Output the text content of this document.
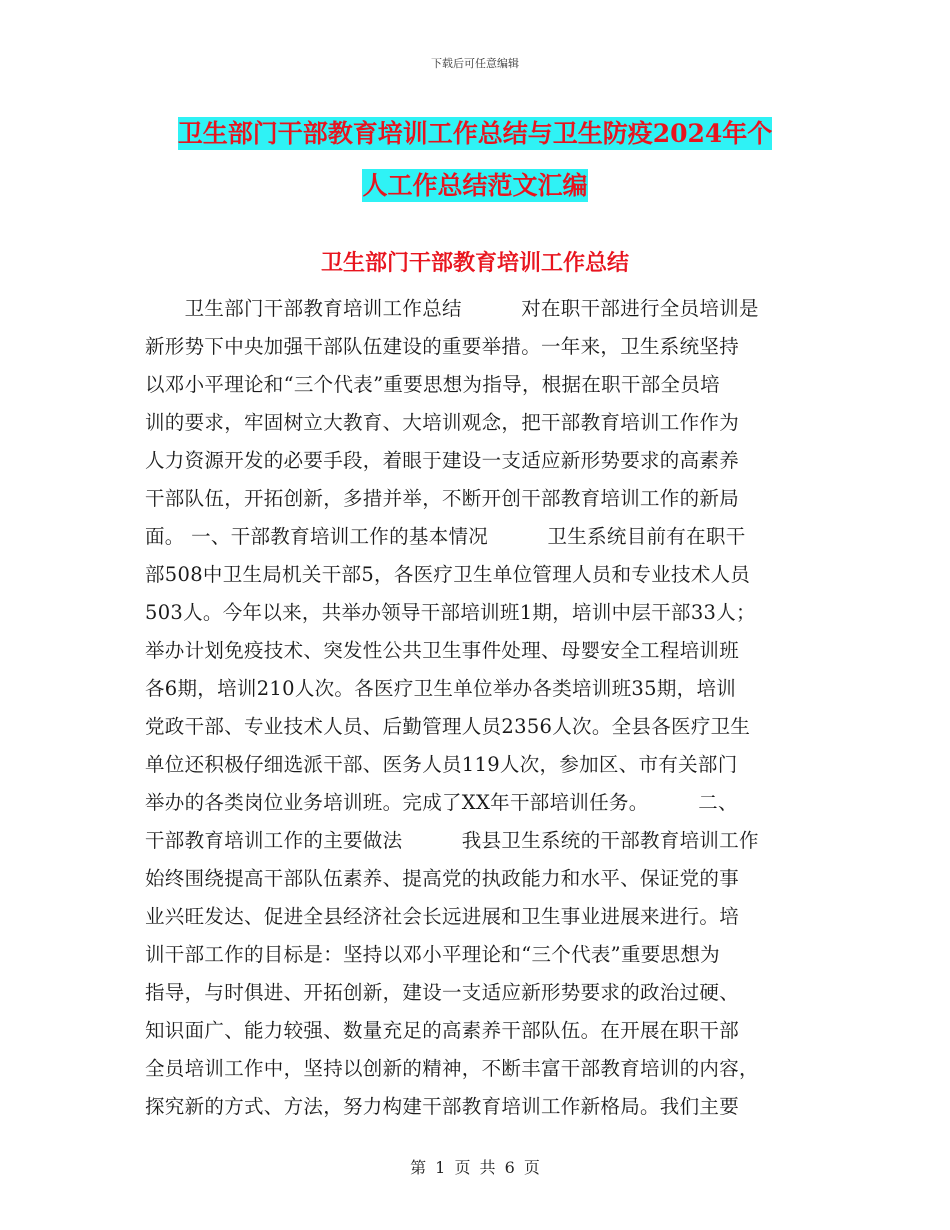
下载后可任意编辑
卫生部门干部教育培训工作总结与卫生防疫2024年个
人工作总结范文汇编
卫生部门干部教育培训工作总结
　　卫生部门干部教育培训工作总结　　　对在职干部进行全员培训是
新形势下中央加强干部队伍建设的重要举措。一年来，卫生系统坚持
以邓小平理论和“三个代表”重要思想为指导，根据在职干部全员培
训的要求，牢固树立大教育、大培训观念，把干部教育培训工作作为
人力资源开发的必要手段，着眼于建设一支适应新形势要求的高素养
干部队伍，开拓创新，多措并举，不断开创干部教育培训工作的新局
面。 一、干部教育培训工作的基本情况　　　卫生系统目前有在职干
部508中卫生局机关干部5，各医疗卫生单位管理人员和专业技术人员
503人。今年以来，共举办领导干部培训班1期，培训中层干部33人；
举办计划免疫技术、突发性公共卫生事件处理、母婴安全工程培训班
各6期，培训210人次。各医疗卫生单位举办各类培训班35期，培训
党政干部、专业技术人员、后勤管理人员2356人次。全县各医疗卫生
单位还积极仔细选派干部、医务人员119人次，参加区、市有关部门
举办的各类岗位业务培训班。完成了XX年干部培训任务。　　　二、
干部教育培训工作的主要做法　　　我县卫生系统的干部教育培训工作
始终围绕提高干部队伍素养、提高党的执政能力和水平、保证党的事
业兴旺发达、促进全县经济社会长远进展和卫生事业进展来进行。培
训干部工作的目标是：坚持以邓小平理论和“三个代表”重要思想为
指导，与时俱进、开拓创新，建设一支适应新形势要求的政治过硬、
知识面广、能力较强、数量充足的高素养干部队伍。在开展在职干部
全员培训工作中，坚持以创新的精神，不断丰富干部教育培训的内容，
探究新的方式、方法，努力构建干部教育培训工作新格局。我们主要
第 1 页 共 6 页
